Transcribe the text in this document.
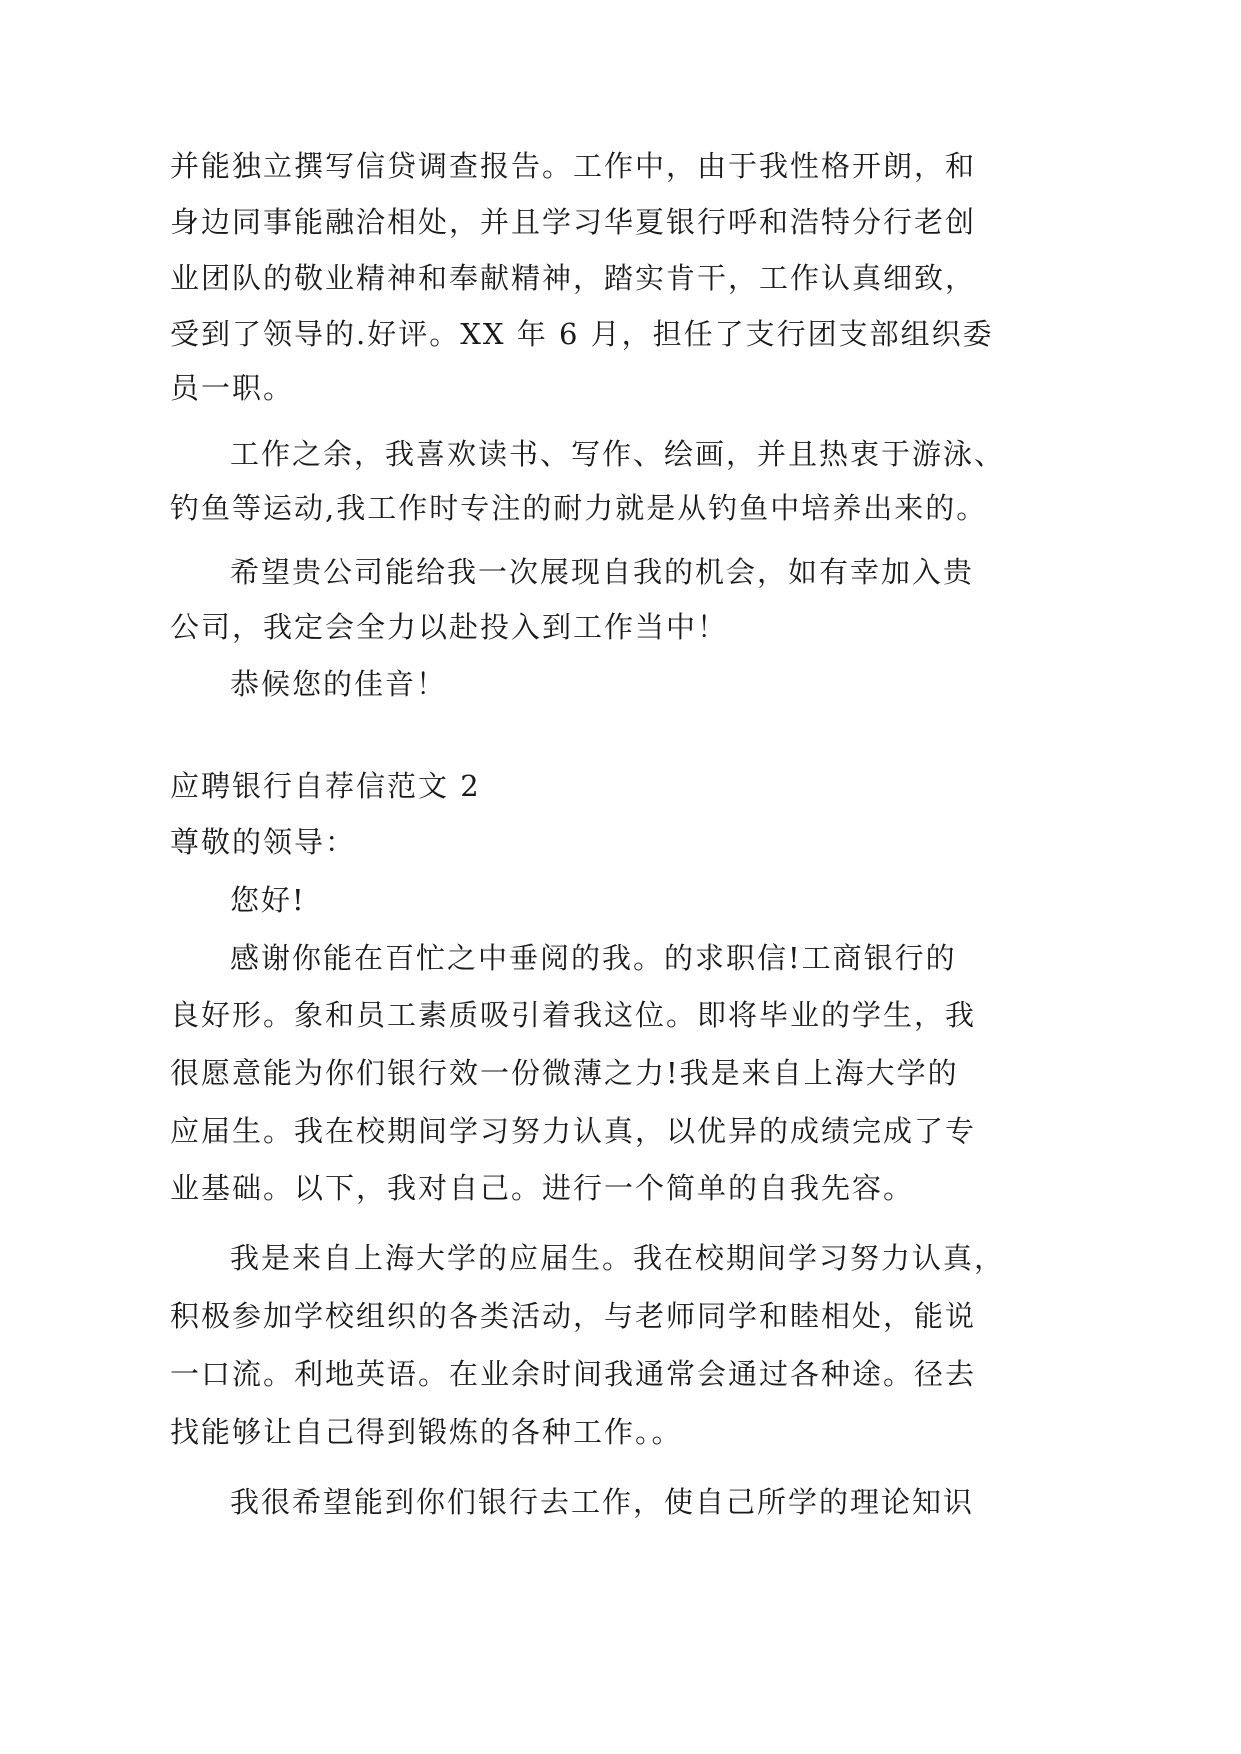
并能独立撰写信贷调查报告。工作中，由于我性格开朗，和
身边同事能融洽相处，并且学习华夏银行呼和浩特分行老创
业团队的敬业精神和奉献精神，踏实肯干，工作认真细致，
受到了领导的.好评。XX 年 6 月，担任了支行团支部组织委
员一职。
工作之余，我喜欢读书、写作、绘画，并且热衷于游泳、
钓鱼等运动,我工作时专注的耐力就是从钓鱼中培养出来的。
希望贵公司能给我一次展现自我的机会，如有幸加入贵
公司，我定会全力以赴投入到工作当中！
恭候您的佳音！
应聘银行自荐信范文 2
尊敬的领导：
您好!
感谢你能在百忙之中垂阅的我。的求职信!工商银行的
良好形。象和员工素质吸引着我这位。即将毕业的学生，我
很愿意能为你们银行效一份微薄之力!我是来自上海大学的
应届生。我在校期间学习努力认真，以优异的成绩完成了专
业基础。以下，我对自己。进行一个简单的自我先容。
我是来自上海大学的应届生。我在校期间学习努力认真，
积极参加学校组织的各类活动，与老师同学和睦相处，能说
一口流。利地英语。在业余时间我通常会通过各种途。径去
找能够让自己得到锻炼的各种工作。。
我很希望能到你们银行去工作，使自己所学的理论知识
